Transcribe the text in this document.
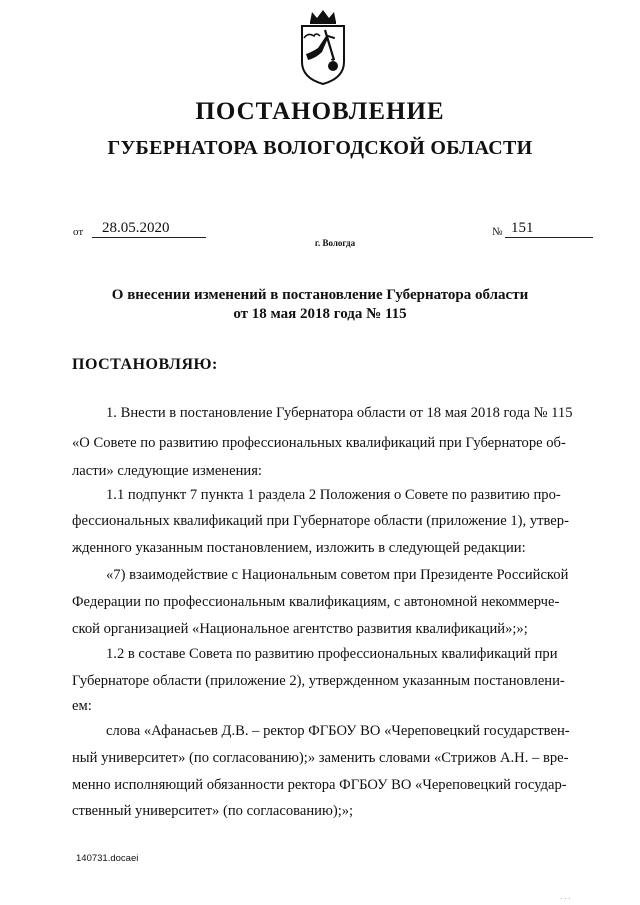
ПОСТАНОВЛЕНИЕ
ГУБЕРНАТОРА ВОЛОГОДСКОЙ ОБЛАСТИ
от	28.05.2020	№ 151
г. Вологда
О внесении изменений в постановление Губернатора области
от 18 мая 2018 года № 115
ПОСТАНОВЛЯЮ:
1. Внести в постановление Губернатора области от 18 мая 2018 года № 115
«О Совете по развитию профессиональных квалификаций при Губернаторе об-
ласти» следующие изменения:
1.1 подпункт 7 пункта 1 раздела 2 Положения о Совете по развитию про-
фессиональных квалификаций при Губернаторе области (приложение 1), утвер-
жденного указанным постановлением, изложить в следующей редакции:
«7) взаимодействие с Национальным советом при Президенте Российской
Федерации по профессиональным квалификациям, с автономной некоммерче-
ской организацией «Национальное агентство развития квалификаций»;»;
1.2 в составе Совета по развитию профессиональных квалификаций при
Губернаторе области (приложение 2), утвержденном указанным постановлени-
ем:
слова «Афанасьев Д.В. – ректор ФГБОУ ВО «Череповецкий государствен-
ный университет» (по согласованию);» заменить словами «Стрижов А.Н. – вре-
менно исполняющий обязанности ректора ФГБОУ ВО «Череповецкий государ-
ственный университет» (по согласованию);»;
140731.docaei
· · ·
